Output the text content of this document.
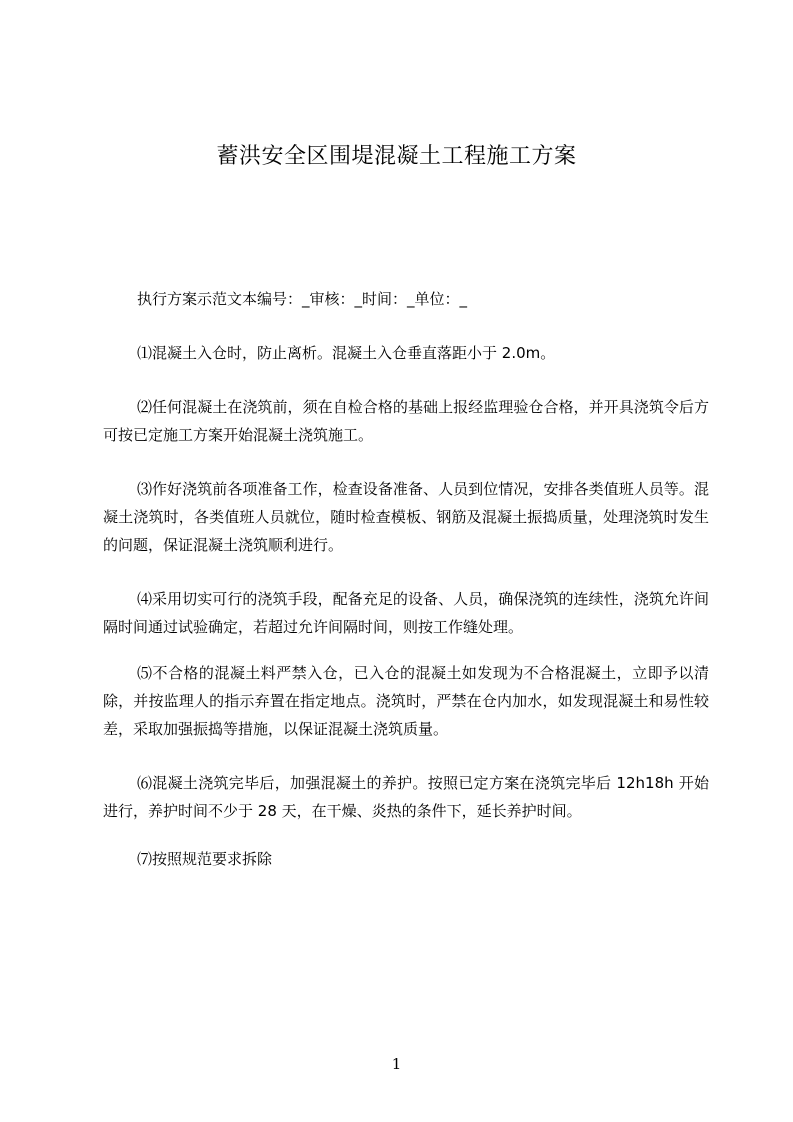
蓄洪安全区围堤混凝土工程施工方案

执行方案示范文本编号：_审核：_时间：_单位：_

⑴混凝土入仓时，防止离析。混凝土入仓垂直落距小于 2.0m。

⑵任何混凝土在浇筑前，须在自检合格的基础上报经监理验仓合格，并开具浇筑令后方可按已定施工方案开始混凝土浇筑施工。

⑶作好浇筑前各项准备工作，检查设备准备、人员到位情况，安排各类值班人员等。混凝土浇筑时，各类值班人员就位，随时检查模板、钢筋及混凝土振捣质量，处理浇筑时发生的问题，保证混凝土浇筑顺利进行。

⑷采用切实可行的浇筑手段，配备充足的设备、人员，确保浇筑的连续性，浇筑允许间隔时间通过试验确定，若超过允许间隔时间，则按工作缝处理。

⑸不合格的混凝土料严禁入仓，已入仓的混凝土如发现为不合格混凝土，立即予以清除，并按监理人的指示弃置在指定地点。浇筑时，严禁在仓内加水，如发现混凝土和易性较差，采取加强振捣等措施，以保证混凝土浇筑质量。

⑹混凝土浇筑完毕后，加强混凝土的养护。按照已定方案在浇筑完毕后 12h18h 开始进行，养护时间不少于 28 天，在干燥、炎热的条件下，延长养护时间。

⑺按照规范要求拆除

1
